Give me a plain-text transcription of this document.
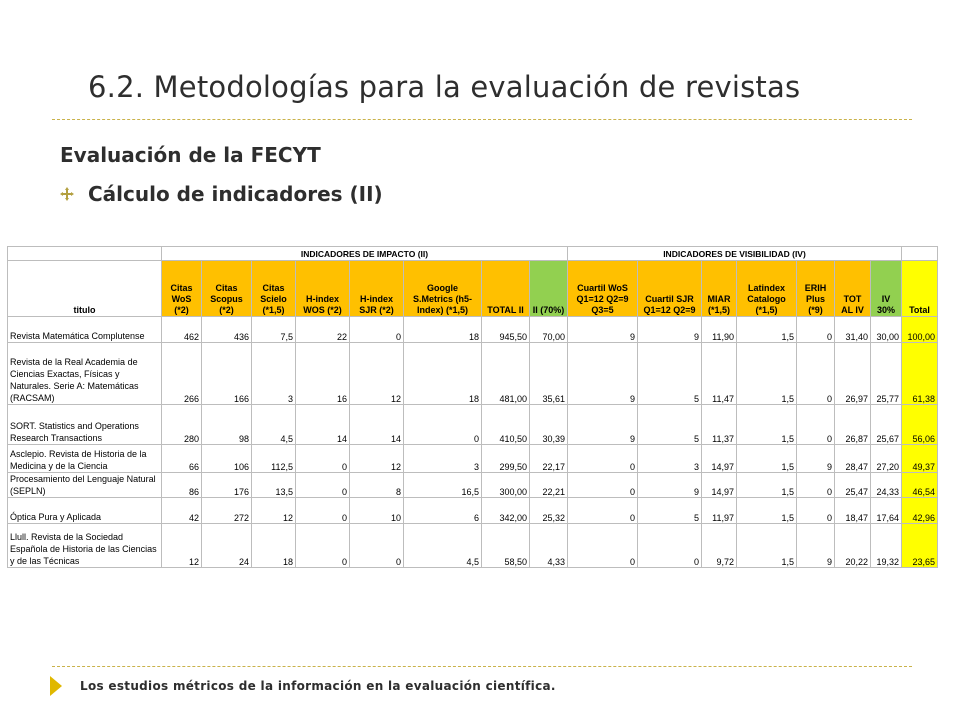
6.2. Metodologías para la evaluación de revistas
Evaluación de la FECYT
Cálculo de indicadores (II)
	INDICADORES DE IMPACTO (II)								INDICADORES DE VISIBILIDAD (IV)							
titulo	Citas WoS (*2)	Citas Scopus (*2)	Citas Scielo (*1,5)	H-index WOS (*2)	H-index SJR (*2)	Google S.Metrics (h5-Index) (*1,5)	TOTAL II	II (70%)	Cuartil WoS Q1=12 Q2=9 Q3=5	Cuartil SJR Q1=12 Q2=9	MIAR (*1,5)	Latindex Catalogo (*1,5)	ERIH Plus (*9)	TOT AL IV	IV 30%	Total
Revista Matemática Complutense	462	436	7,5	22	0	18	945,50	70,00	9	9	11,90	1,5	0	31,40	30,00	100,00
Revista de la Real Academia de Ciencias Exactas, Físicas y Naturales. Serie A: Matemáticas (RACSAM)	266	166	3	16	12	18	481,00	35,61	9	5	11,47	1,5	0	26,97	25,77	61,38
SORT. Statistics and Operations Research Transactions	280	98	4,5	14	14	0	410,50	30,39	9	5	11,37	1,5	0	26,87	25,67	56,06
Asclepio. Revista de Historia de la Medicina y de la Ciencia	66	106	112,5	0	12	3	299,50	22,17	0	3	14,97	1,5	9	28,47	27,20	49,37
Procesamiento del Lenguaje Natural (SEPLN)	86	176	13,5	0	8	16,5	300,00	22,21	0	9	14,97	1,5	0	25,47	24,33	46,54
Óptica Pura y Aplicada	42	272	12	0	10	6	342,00	25,32	0	5	11,97	1,5	0	18,47	17,64	42,96
Llull. Revista de la Sociedad Española de Historia de las Ciencias y de las Técnicas	12	24	18	0	0	4,5	58,50	4,33	0	0	9,72	1,5	9	20,22	19,32	23,65
Los estudios métricos de la información en la evaluación científica.
